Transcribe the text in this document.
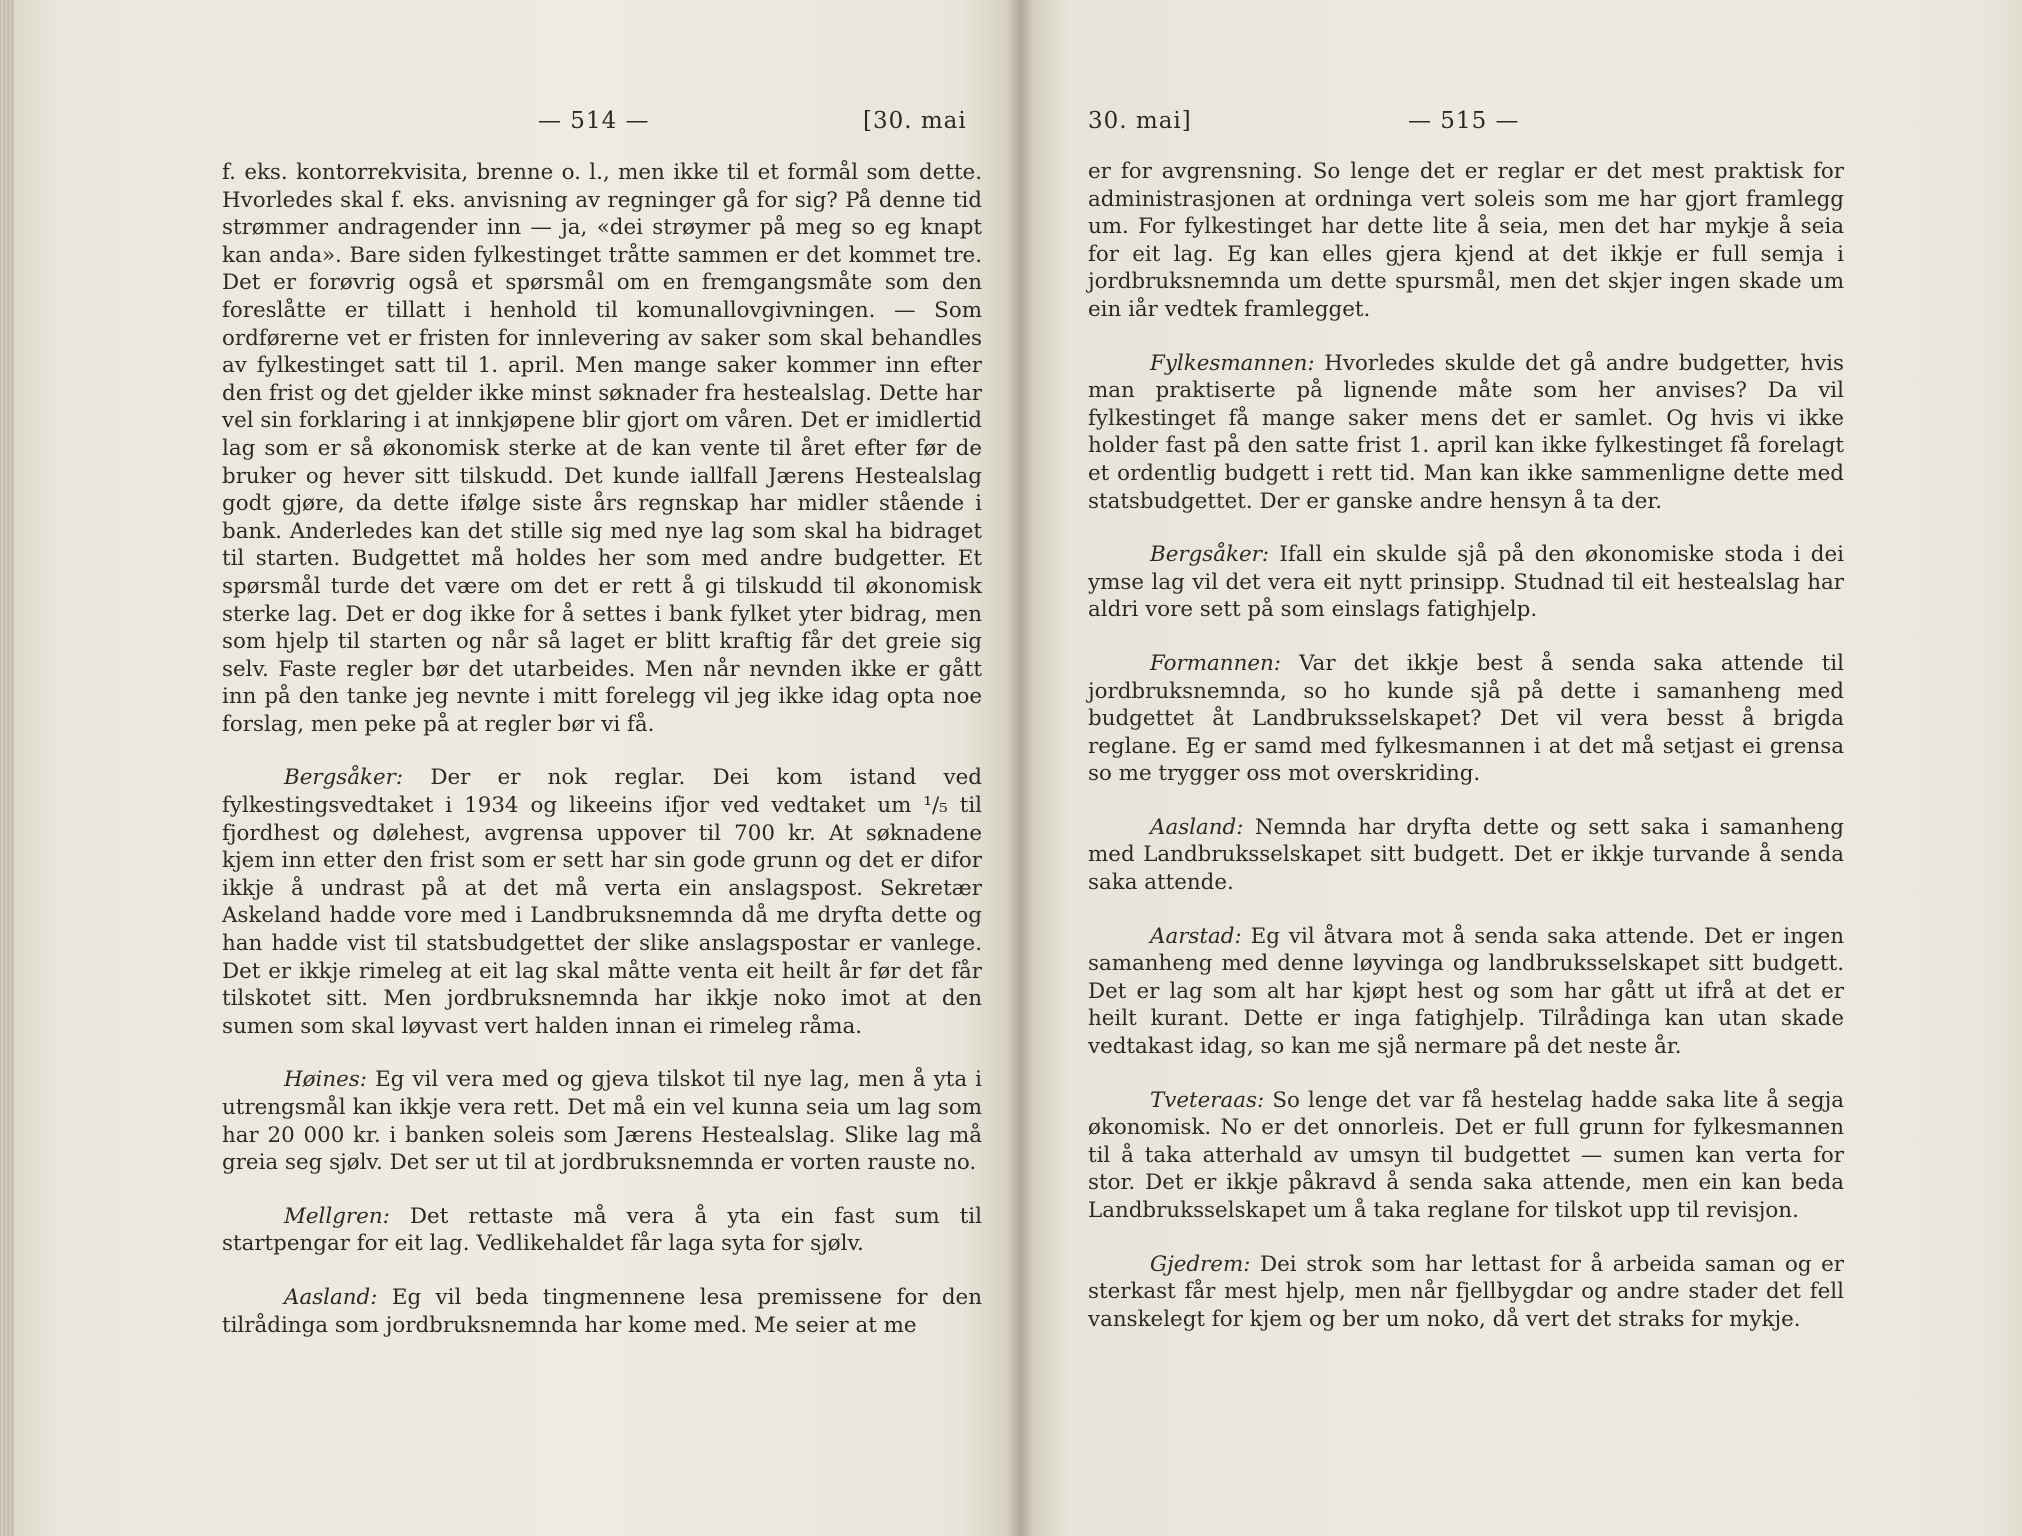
— 514 —	[30. mai

f. eks. kontorrekvisita, brenne o. l., men ikke til et formål som dette. Hvorledes skal f. eks. anvisning av regninger gå for sig? På denne tid strømmer andragender inn — ja, «dei strøymer på meg so eg knapt kan anda». Bare siden fylkestinget tråtte sammen er det kommet tre. Det er forøvrig også et spørsmål om en fremgangsmåte som den foreslåtte er tillatt i henhold til komunallovgivningen. — Som ordførerne vet er fristen for innlevering av saker som skal behandles av fylkestinget satt til 1. april. Men mange saker kommer inn efter den frist og det gjelder ikke minst søknader fra hestealslag. Dette har vel sin forklaring i at innkjøpene blir gjort om våren. Det er imidlertid lag som er så økonomisk sterke at de kan vente til året efter før de bruker og hever sitt tilskudd. Det kunde iallfall Jærens Hestealslag godt gjøre, da dette ifølge siste års regnskap har midler stående i bank. Anderledes kan det stille sig med nye lag som skal ha bidraget til starten. Budgettet må holdes her som med andre budgetter. Et spørsmål turde det være om det er rett å gi tilskudd til økonomisk sterke lag. Det er dog ikke for å settes i bank fylket yter bidrag, men som hjelp til starten og når så laget er blitt kraftig får det greie sig selv. Faste regler bør det utarbeides. Men når nevnden ikke er gått inn på den tanke jeg nevnte i mitt forelegg vil jeg ikke idag opta noe forslag, men peke på at regler bør vi få.

Bergsåker: Der er nok reglar. Dei kom istand ved fylkestingsvedtaket i 1934 og likeeins ifjor ved vedtaket um ¹/₅ til fjordhest og dølehest, avgrensa uppover til 700 kr. At søknadene kjem inn etter den frist som er sett har sin gode grunn og det er difor ikkje å undrast på at det må verta ein anslagspost. Sekretær Askeland hadde vore med i Landbruksnemnda då me dryfta dette og han hadde vist til statsbudgettet der slike anslagspostar er vanlege. Det er ikkje rimeleg at eit lag skal måtte venta eit heilt år før det får tilskotet sitt. Men jordbruksnemnda har ikkje noko imot at den sumen som skal løyvast vert halden innan ei rimeleg råma.

Høines: Eg vil vera med og gjeva tilskot til nye lag, men å yta i utrengsmål kan ikkje vera rett. Det må ein vel kunna seia um lag som har 20 000 kr. i banken soleis som Jærens Hestealslag. Slike lag må greia seg sjølv. Det ser ut til at jordbruksnemnda er vorten rauste no.

Mellgren: Det rettaste må vera å yta ein fast sum til startpengar for eit lag. Vedlikehaldet får laga syta for sjølv.

Aasland: Eg vil beda tingmennene lesa premissene for den tilrådinga som jordbruksnemnda har kome med. Me seier at me

30. mai]	— 515 —

er for avgrensning. So lenge det er reglar er det mest praktisk for administrasjonen at ordninga vert soleis som me har gjort framlegg um. For fylkestinget har dette lite å seia, men det har mykje å seia for eit lag. Eg kan elles gjera kjend at det ikkje er full semja i jordbruksnemnda um dette spursmål, men det skjer ingen skade um ein iår vedtek framlegget.

Fylkesmannen: Hvorledes skulde det gå andre budgetter, hvis man praktiserte på lignende måte som her anvises? Da vil fylkestinget få mange saker mens det er samlet. Og hvis vi ikke holder fast på den satte frist 1. april kan ikke fylkestinget få forelagt et ordentlig budgett i rett tid. Man kan ikke sammenligne dette med statsbudgettet. Der er ganske andre hensyn å ta der.

Bergsåker: Ifall ein skulde sjå på den økonomiske stoda i dei ymse lag vil det vera eit nytt prinsipp. Studnad til eit hestealslag har aldri vore sett på som einslags fatighjelp.

Formannen: Var det ikkje best å senda saka attende til jordbruksnemnda, so ho kunde sjå på dette i samanheng med budgettet åt Landbruksselskapet? Det vil vera besst å brigda reglane. Eg er samd med fylkesmannen i at det må setjast ei grensa so me trygger oss mot overskriding.

Aasland: Nemnda har dryfta dette og sett saka i samanheng med Landbruksselskapet sitt budgett. Det er ikkje turvande å senda saka attende.

Aarstad: Eg vil åtvara mot å senda saka attende. Det er ingen samanheng med denne løyvinga og landbruksselskapet sitt budgett. Det er lag som alt har kjøpt hest og som har gått ut ifrå at det er heilt kurant. Dette er inga fatighjelp. Tilrådinga kan utan skade vedtakast idag, so kan me sjå nermare på det neste år.

Tveteraas: So lenge det var få hestelag hadde saka lite å segja økonomisk. No er det onnorleis. Det er full grunn for fylkesmannen til å taka atterhald av umsyn til budgettet — sumen kan verta for stor. Det er ikkje påkravd å senda saka attende, men ein kan beda Landbruksselskapet um å taka reglane for tilskot upp til revisjon.

Gjedrem: Dei strok som har lettast for å arbeida saman og er sterkast får mest hjelp, men når fjellbygdar og andre stader det fell vanskelegt for kjem og ber um noko, då vert det straks for mykje.
